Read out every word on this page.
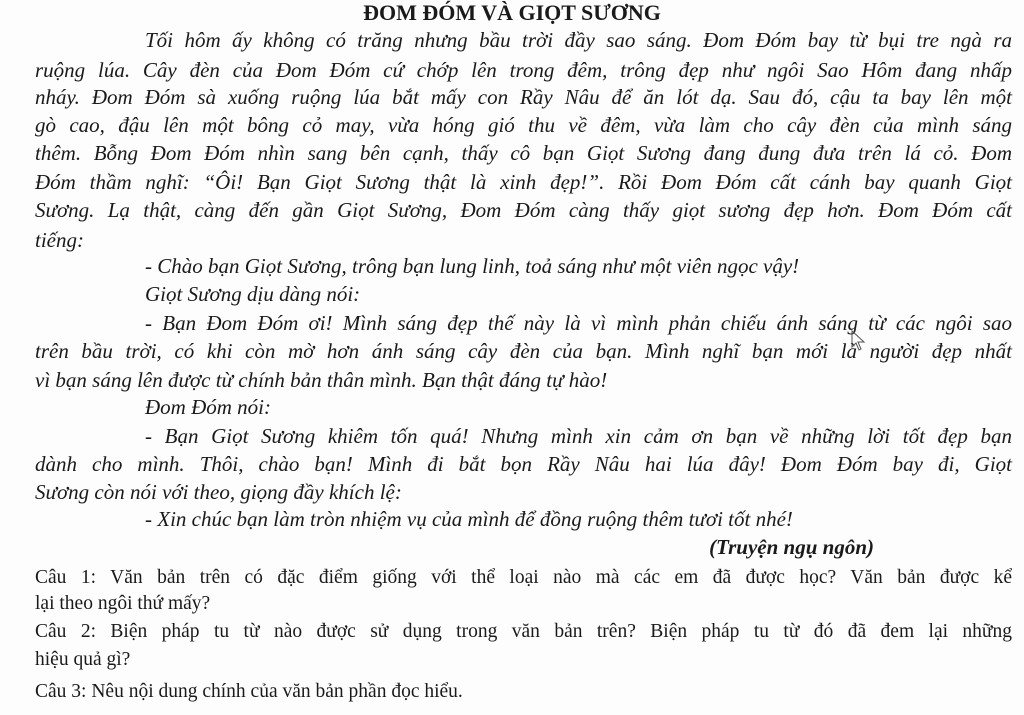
ĐOM ĐÓM VÀ GIỌT SƯƠNG
Tối hôm ấy không có trăng nhưng bầu trời đầy sao sáng. Đom Đóm bay từ bụi tre ngà ra
ruộng lúa. Cây đèn của Đom Đóm cứ chớp lên trong đêm, trông đẹp như ngôi Sao Hôm đang nhấp
nháy. Đom Đóm sà xuống ruộng lúa bắt mấy con Rầy Nâu để ăn lót dạ. Sau đó, cậu ta bay lên một
gò cao, đậu lên một bông cỏ may, vừa hóng gió thu về đêm, vừa làm cho cây đèn của mình sáng
thêm. Bỗng Đom Đóm nhìn sang bên cạnh, thấy cô bạn Giọt Sương đang đung đưa trên lá cỏ. Đom
Đóm thầm nghĩ: “Ôi! Bạn Giọt Sương thật là xinh đẹp!”. Rồi Đom Đóm cất cánh bay quanh Giọt
Sương. Lạ thật, càng đến gần Giọt Sương, Đom Đóm càng thấy giọt sương đẹp hơn. Đom Đóm cất
tiếng:
- Chào bạn Giọt Sương, trông bạn lung linh, toả sáng như một viên ngọc vậy!
Giọt Sương dịu dàng nói:
- Bạn Đom Đóm ơi! Mình sáng đẹp thế này là vì mình phản chiếu ánh sáng từ các ngôi sao
trên bầu trời, có khi còn mờ hơn ánh sáng cây đèn của bạn. Mình nghĩ bạn mới là người đẹp nhất
vì bạn sáng lên được từ chính bản thân mình. Bạn thật đáng tự hào!
Đom Đóm nói:
- Bạn Giọt Sương khiêm tốn quá! Nhưng mình xin cảm ơn bạn về những lời tốt đẹp bạn
dành cho mình. Thôi, chào bạn! Mình đi bắt bọn Rầy Nâu hai lúa đây! Đom Đóm bay đi, Giọt
Sương còn nói với theo, giọng đầy khích lệ:
- Xin chúc bạn làm tròn nhiệm vụ của mình để đồng ruộng thêm tươi tốt nhé!
(Truyện ngụ ngôn)
Câu 1: Văn bản trên có đặc điểm giống với thể loại nào mà các em đã được học? Văn bản được kể
lại theo ngôi thứ mấy?
Câu 2: Biện pháp tu từ nào được sử dụng trong văn bản trên? Biện pháp tu từ đó đã đem lại những
hiệu quả gì?
Câu 3: Nêu nội dung chính của văn bản phần đọc hiểu.
